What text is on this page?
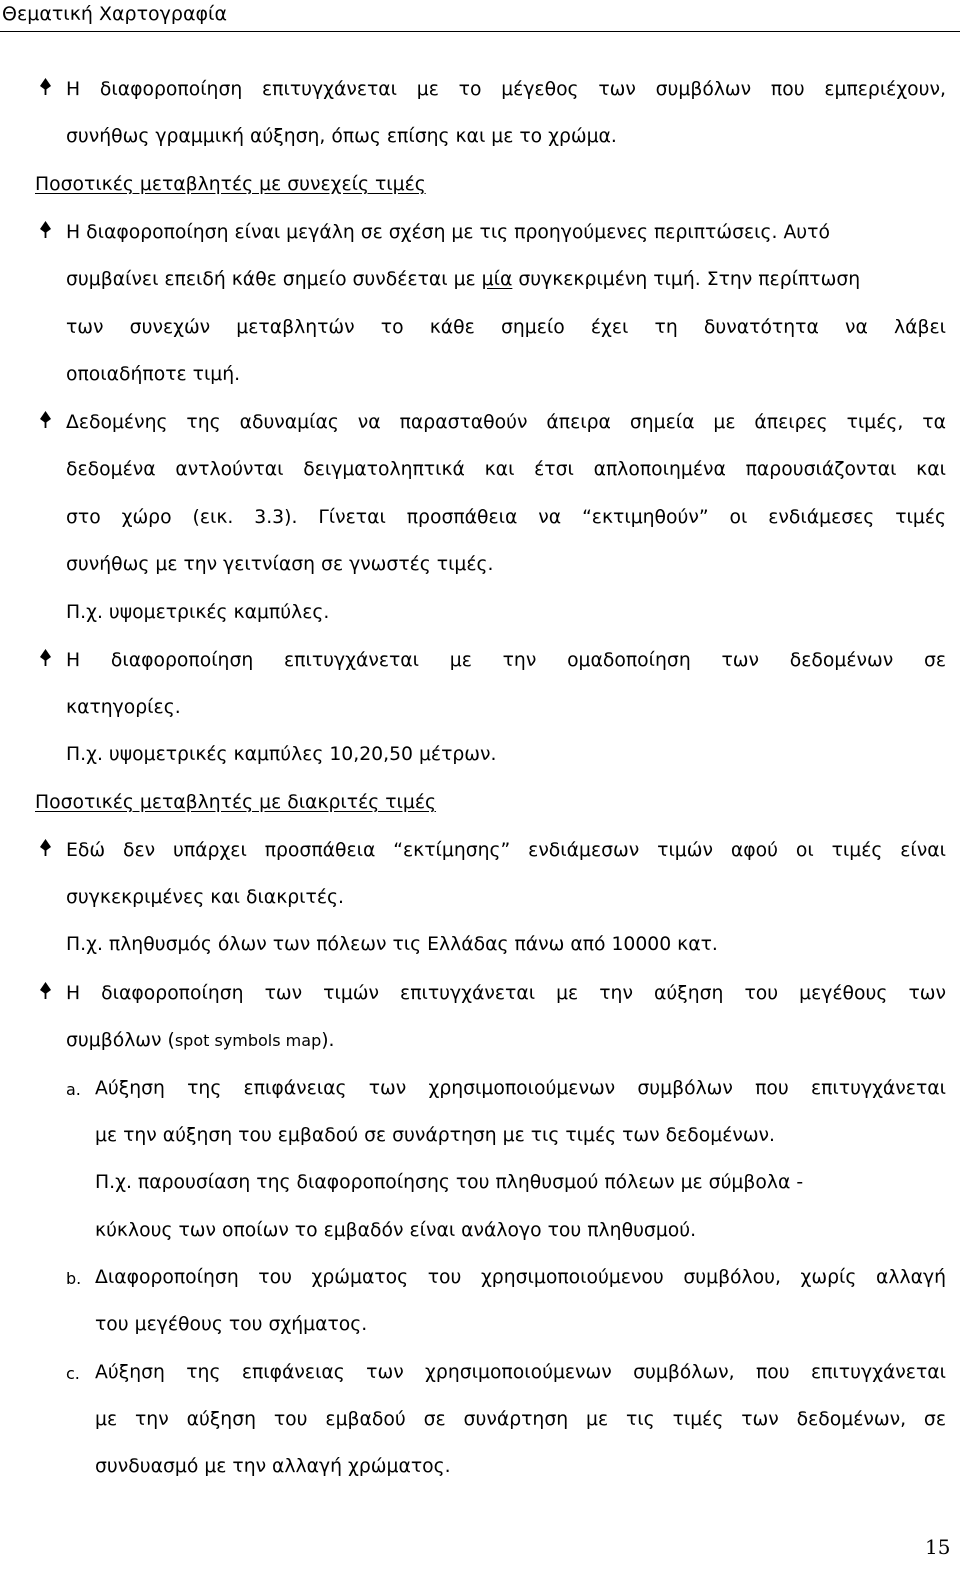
Θεματική Χαρτογραφία
Η διαφοροποίηση επιτυγχάνεται με το μέγεθος των συμβόλων που εμπεριέχουν,
συνήθως γραμμική αύξηση, όπως επίσης και με το χρώμα.
Ποσοτικές μεταβλητές με συνεχείς τιμές
Η διαφοροποίηση είναι μεγάλη σε σχέση με τις προηγούμενες περιπτώσεις. Αυτό
συμβαίνει επειδή κάθε σημείο συνδέεται με μία συγκεκριμένη τιμή. Στην περίπτωση
των συνεχών μεταβλητών το κάθε σημείο έχει τη δυνατότητα να λάβει
οποιαδήποτε τιμή.
Δεδομένης της αδυναμίας να παρασταθούν άπειρα σημεία με άπειρες τιμές, τα
δεδομένα αντλούνται δειγματοληπτικά και έτσι απλοποιημένα παρουσιάζονται και
στο χώρο (εικ. 3.3). Γίνεται προσπάθεια να “εκτιμηθούν” οι ενδιάμεσες τιμές
συνήθως με την γειτνίαση σε γνωστές τιμές.
Π.χ. υψομετρικές καμπύλες.
Η διαφοροποίηση επιτυγχάνεται με την ομαδοποίηση των δεδομένων σε
κατηγορίες.
Π.χ. υψομετρικές καμπύλες 10,20,50 μέτρων.
Ποσοτικές μεταβλητές με διακριτές τιμές
Εδώ δεν υπάρχει προσπάθεια “εκτίμησης” ενδιάμεσων τιμών αφού οι τιμές είναι
συγκεκριμένες και διακριτές.
Π.χ. πληθυσμός όλων των πόλεων τις Ελλάδας πάνω από 10000 κατ.
Η διαφοροποίηση των τιμών επιτυγχάνεται με την αύξηση του μεγέθους των
συμβόλων (spot symbols map).
a. Αύξηση της επιφάνειας των χρησιμοποιούμενων συμβόλων που επιτυγχάνεται
με την αύξηση του εμβαδού σε συνάρτηση με τις τιμές των δεδομένων.
Π.χ. παρουσίαση της διαφοροποίησης του πληθυσμού πόλεων με σύμβολα -
κύκλους των οποίων το εμβαδόν είναι ανάλογο του πληθυσμού.
b. Διαφοροποίηση του χρώματος του χρησιμοποιούμενου συμβόλου, χωρίς αλλαγή
του μεγέθους του σχήματος.
c. Αύξηση της επιφάνειας των χρησιμοποιούμενων συμβόλων, που επιτυγχάνεται
με την αύξηση του εμβαδού σε συνάρτηση με τις τιμές των δεδομένων, σε
συνδυασμό με την αλλαγή χρώματος.
15
